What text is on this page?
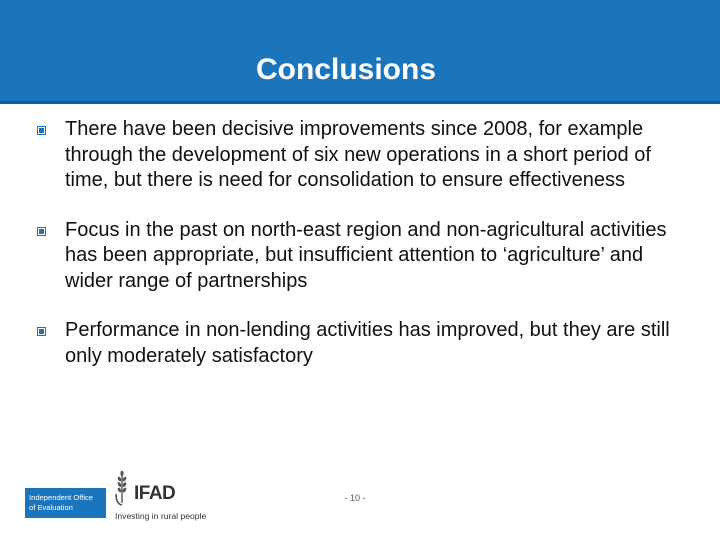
Conclusions
There have been decisive improvements since 2008, for example through the development of six new operations in a short period of time, but there is need for consolidation to ensure effectiveness
Focus in the past on north-east region and non-agricultural activities has been appropriate, but insufficient attention to ‘agriculture’ and wider range of partnerships
Performance in non-lending activities has improved, but they are still only moderately satisfactory
Independent Office
of Evaluation
IFAD
Investing in rural people
- 10 -
